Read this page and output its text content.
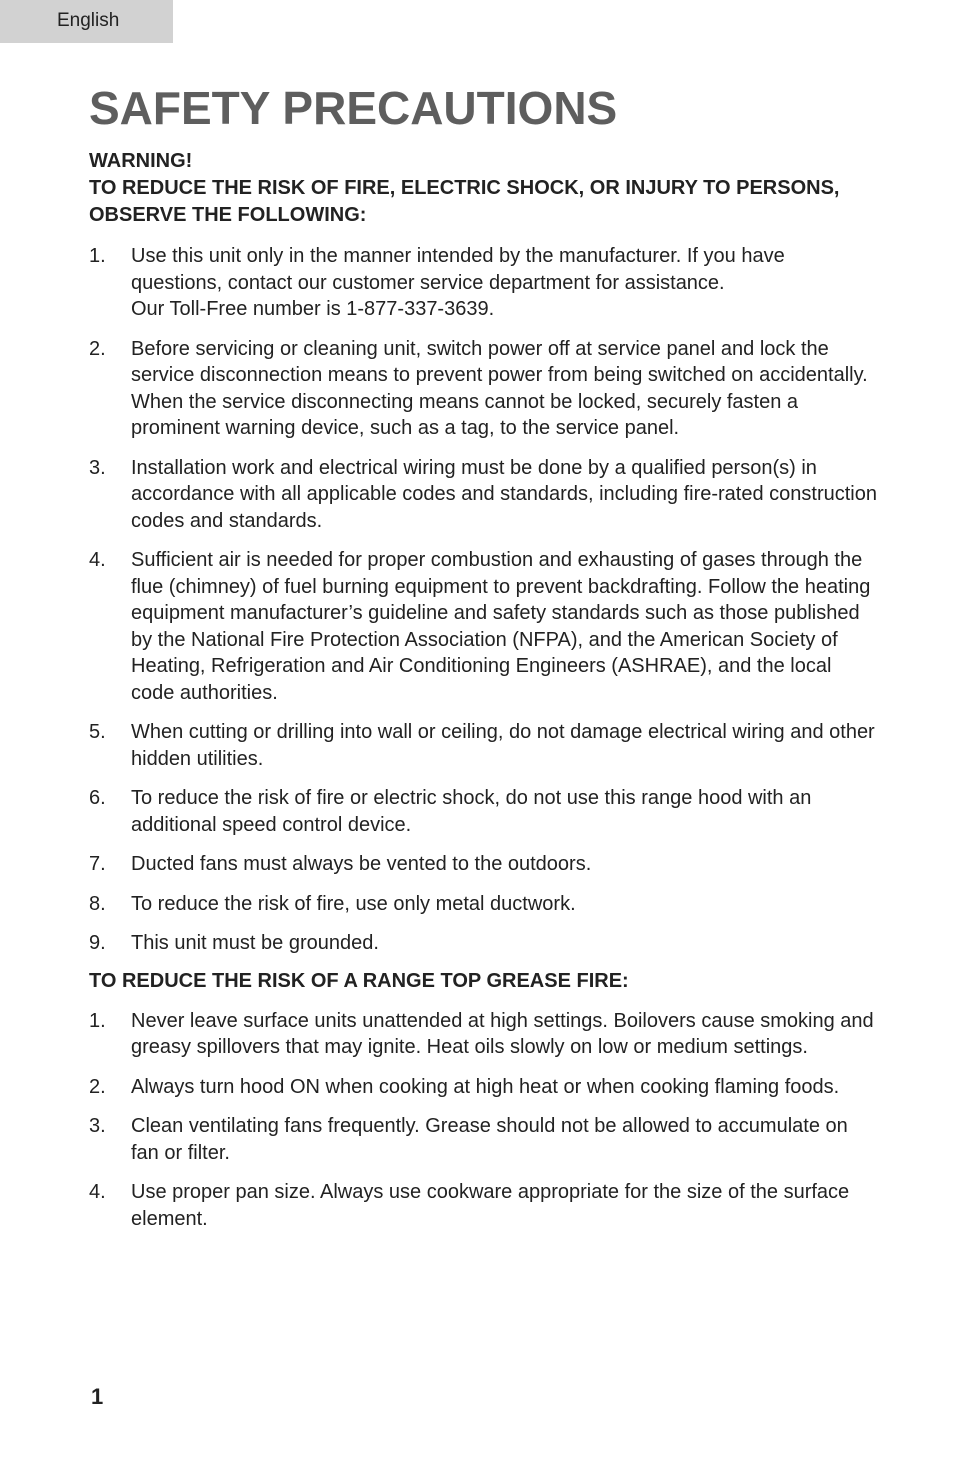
English
SAFETY PRECAUTIONS
WARNING!
TO REDUCE THE RISK OF FIRE, ELECTRIC SHOCK, OR INJURY TO PERSONS, OBSERVE THE FOLLOWING:
1. Use this unit only in the manner intended by the manufacturer. If you have questions, contact our customer service department for assistance.
Our Toll-Free number is 1-877-337-3639.
2. Before servicing or cleaning unit, switch power off at service panel and lock the service disconnection means to prevent power from being switched on accidentally. When the service disconnecting means cannot be locked, securely fasten a prominent warning device, such as a tag, to the service panel.
3. Installation work and electrical wiring must be done by a qualified person(s) in accordance with all applicable codes and standards, including fire-rated construction codes and standards.
4. Sufficient air is needed for proper combustion and exhausting of gases through the flue (chimney) of fuel burning equipment to prevent backdrafting. Follow the heating equipment manufacturer’s guideline and safety standards such as those published by the National Fire Protection Association (NFPA), and the American Society of Heating, Refrigeration and Air Conditioning Engineers (ASHRAE), and the local code authorities.
5. When cutting or drilling into wall or ceiling, do not damage electrical wiring and other hidden utilities.
6. To reduce the risk of fire or electric shock, do not use this range hood with an additional speed control device.
7. Ducted fans must always be vented to the outdoors.
8. To reduce the risk of fire, use only metal ductwork.
9. This unit must be grounded.
TO REDUCE THE RISK OF A RANGE TOP GREASE FIRE:
1. Never leave surface units unattended at high settings. Boilovers cause smoking and greasy spillovers that may ignite. Heat oils slowly on low or medium settings.
2. Always turn hood ON when cooking at high heat or when cooking flaming foods.
3. Clean ventilating fans frequently. Grease should not be allowed to accumulate on fan or filter.
4. Use proper pan size. Always use cookware appropriate for the size of the surface element.
1
